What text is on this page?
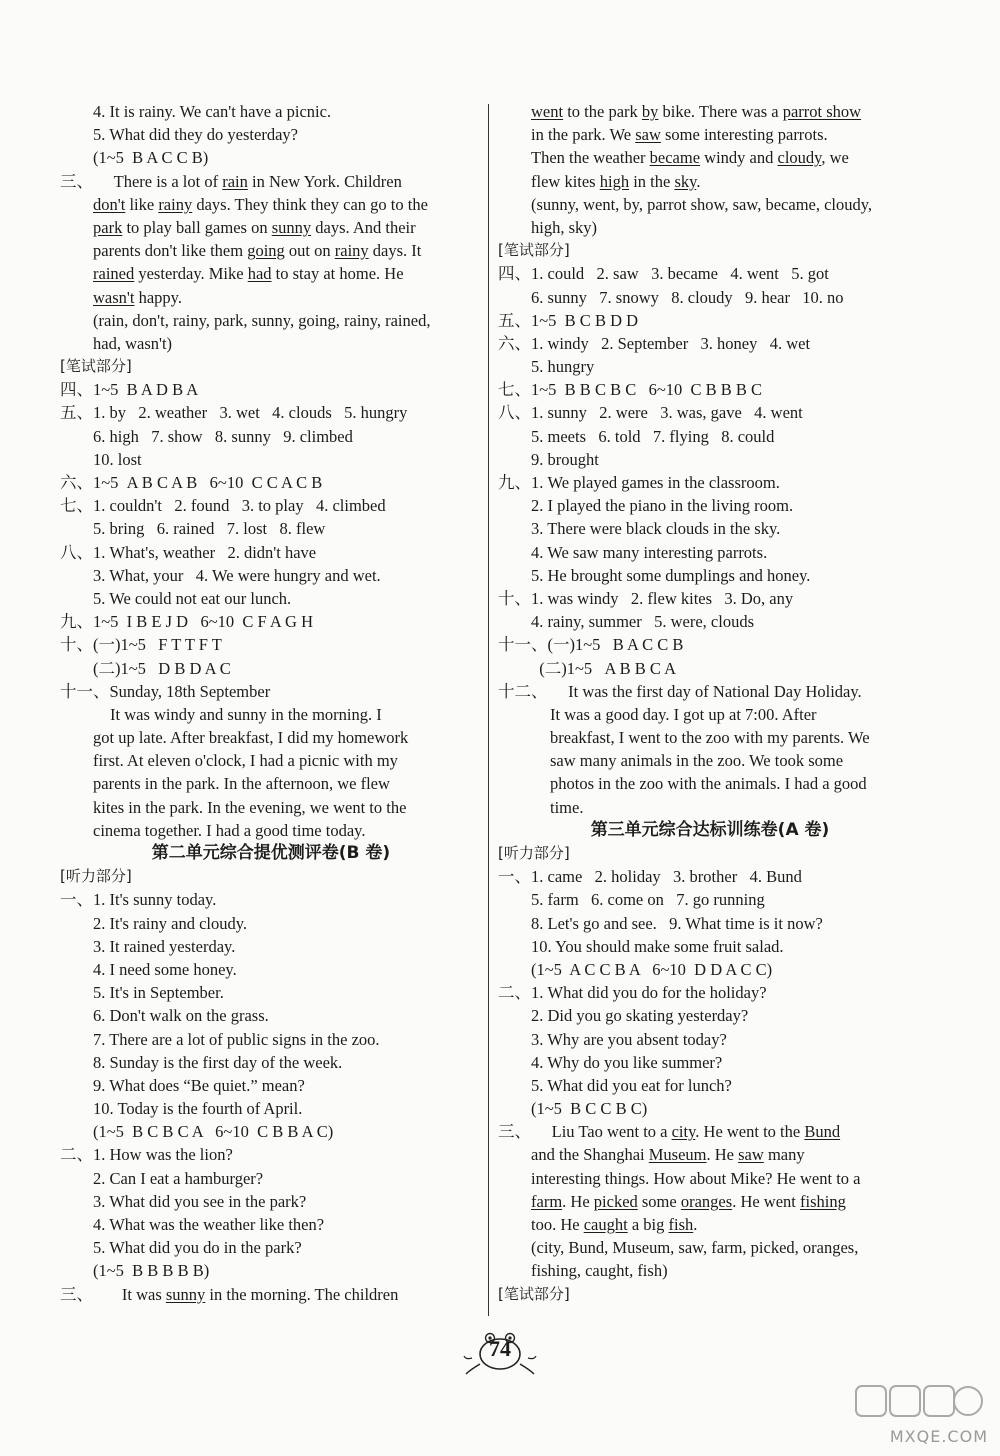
4. It is rainy. We can't have a picnic.
5. What did they do yesterday?
(1~5  B A C C B)
三、     There is a lot of rain in New York. Children
don't like rainy days. They think they can go to the
park to play ball games on sunny days. And their
parents don't like them going out on rainy days. It
rained yesterday. Mike had to stay at home. He
wasn't happy.
(rain, don't, rainy, park, sunny, going, rainy, rained,
had, wasn't)
[笔试部分]
四、1~5  B A D B A
五、1. by   2. weather   3. wet   4. clouds   5. hungry
6. high   7. show   8. sunny   9. climbed
10. lost
六、1~5  A B C A B   6~10  C C A C B
七、1. couldn't   2. found   3. to play   4. climbed
5. bring   6. rained   7. lost   8. flew
八、1. What's, weather   2. didn't have
3. What, your   4. We were hungry and wet.
5. We could not eat our lunch.
九、1~5  I B E J D   6~10  C F A G H
十、(一)1~5   F T T F T
(二)1~5   D B D A C
十一、Sunday, 18th September
It was windy and sunny in the morning. I
got up late. After breakfast, I did my homework
first. At eleven o'clock, I had a picnic with my
parents in the park. In the afternoon, we flew
kites in the park. In the evening, we went to the
cinema together. I had a good time today.
第二单元综合提优测评卷(B 卷)
[听力部分]
一、1. It's sunny today.
2. It's rainy and cloudy.
3. It rained yesterday.
4. I need some honey.
5. It's in September.
6. Don't walk on the grass.
7. There are a lot of public signs in the zoo.
8. Sunday is the first day of the week.
9. What does “Be quiet.” mean?
10. Today is the fourth of April.
(1~5  B C B C A   6~10  C B B A C)
二、1. How was the lion?
2. Can I eat a hamburger?
3. What did you see in the park?
4. What was the weather like then?
5. What did you do in the park?
(1~5  B B B B B)
三、       It was sunny in the morning. The children
went to the park by bike. There was a parrot show
in the park. We saw some interesting parrots.
Then the weather became windy and cloudy, we
flew kites high in the sky.
(sunny, went, by, parrot show, saw, became, cloudy,
high, sky)
[笔试部分]
四、1. could   2. saw   3. became   4. went   5. got
6. sunny   7. snowy   8. cloudy   9. hear   10. no
五、1~5  B C B D D
六、1. windy   2. September   3. honey   4. wet
5. hungry
七、1~5  B B C B C   6~10  C B B B C
八、1. sunny   2. were   3. was, gave   4. went
5. meets   6. told   7. flying   8. could
9. brought
九、1. We played games in the classroom.
2. I played the piano in the living room.
3. There were black clouds in the sky.
4. We saw many interesting parrots.
5. He brought some dumplings and honey.
十、1. was windy   2. flew kites   3. Do, any
4. rainy, summer   5. were, clouds
十一、(一)1~5   B A C C B
(二)1~5   A B B C A
十二、     It was the first day of National Day Holiday.
It was a good day. I got up at 7:00. After
breakfast, I went to the zoo with my parents. We
saw many animals in the zoo. We took some
photos in the zoo with the animals. I had a good
time.
第三单元综合达标训练卷(A 卷)
[听力部分]
一、1. came   2. holiday   3. brother   4. Bund
5. farm   6. come on   7. go running
8. Let's go and see.   9. What time is it now?
10. You should make some fruit salad.
(1~5  A C C B A   6~10  D D A C C)
二、1. What did you do for the holiday?
2. Did you go skating yesterday?
3. Why are you absent today?
4. Why do you like summer?
5. What did you eat for lunch?
(1~5  B C C B C)
三、     Liu Tao went to a city. He went to the Bund
and the Shanghai Museum. He saw many
interesting things. How about Mike? He went to a
farm. He picked some oranges. He went fishing
too. He caught a big fish.
(city, Bund, Museum, saw, farm, picked, oranges,
fishing, caught, fish)
[笔试部分]
74
MXQE.COM
